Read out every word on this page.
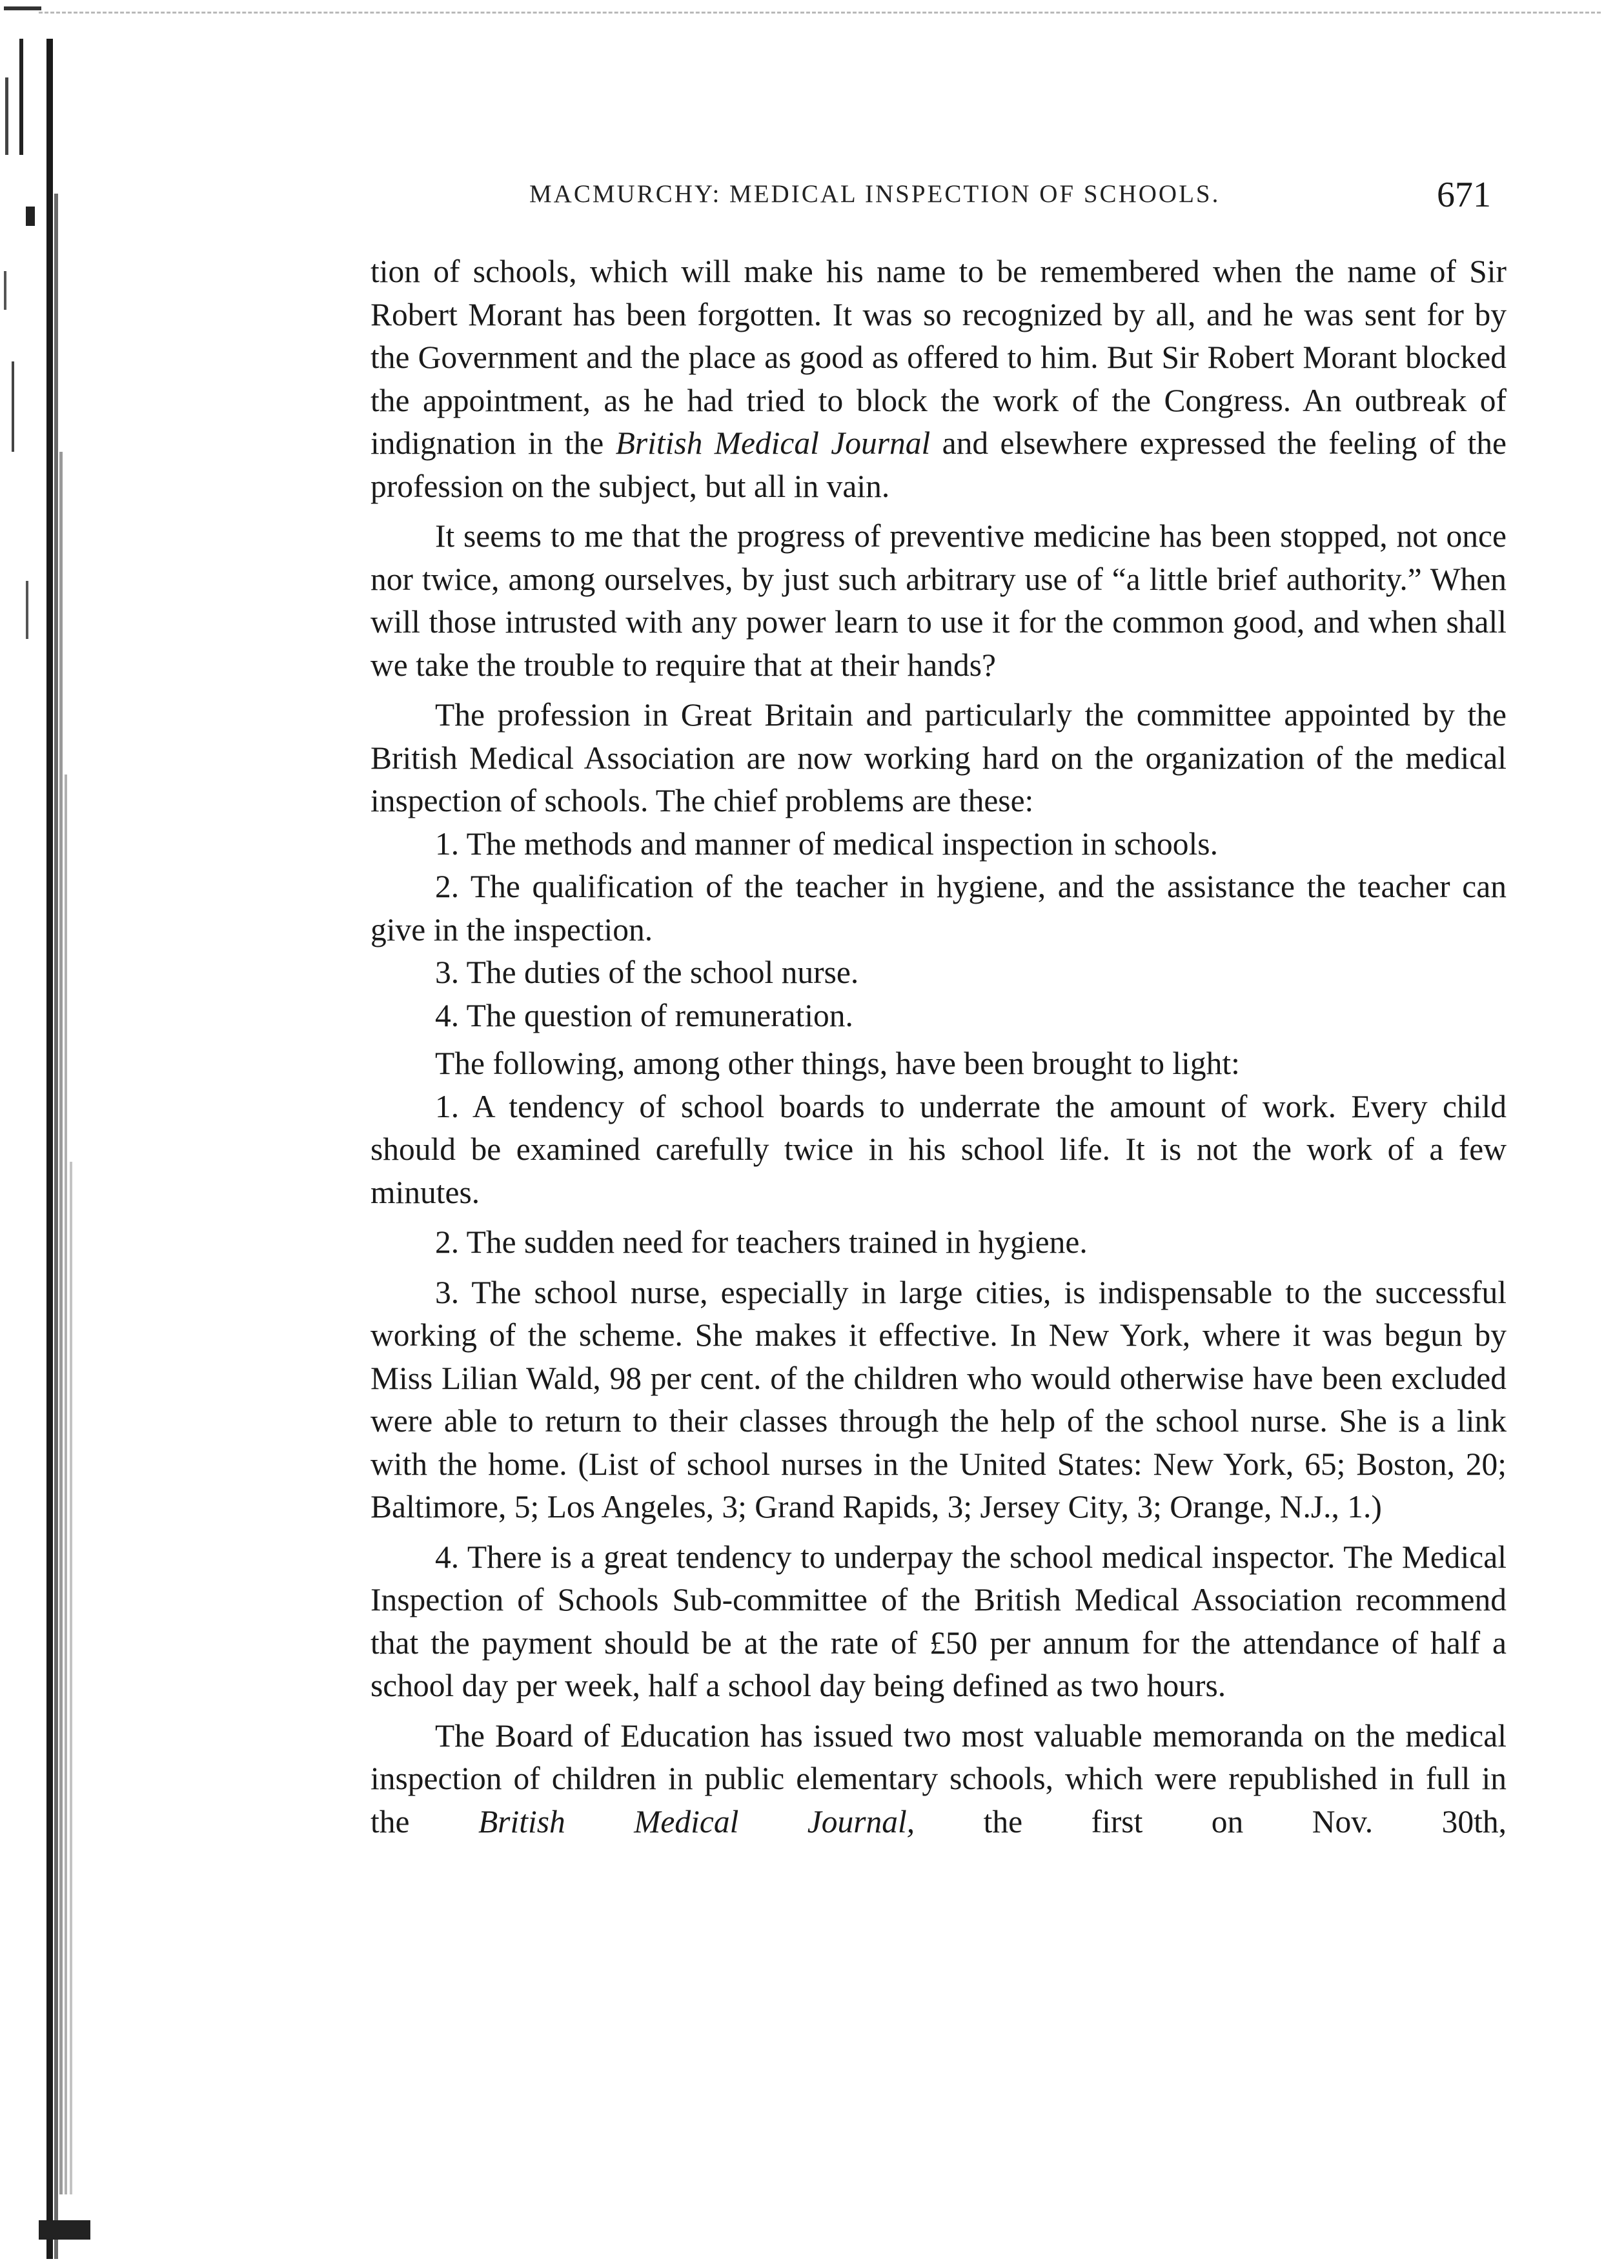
MACMURCHY: MEDICAL INSPECTION OF SCHOOLS.	671

tion of schools, which will make his name to be remembered when the name of Sir Robert Morant has been forgotten. It was so recognized by all, and he was sent for by the Government and the place as good as offered to him. But Sir Robert Morant blocked the appointment, as he had tried to block the work of the Congress. An outbreak of indignation in the British Medical Journal and elsewhere expressed the feeling of the profession on the subject, but all in vain.

It seems to me that the progress of preventive medicine has been stopped, not once nor twice, among ourselves, by just such arbitrary use of “a little brief authority.” When will those intrusted with any power learn to use it for the common good, and when shall we take the trouble to require that at their hands?

The profession in Great Britain and particularly the committee appointed by the British Medical Association are now working hard on the organization of the medical inspection of schools. The chief problems are these:

1. The methods and manner of medical inspection in schools.

2. The qualification of the teacher in hygiene, and the assistance the teacher can give in the inspection.

3. The duties of the school nurse.

4. The question of remuneration.

The following, among other things, have been brought to light:

1. A tendency of school boards to underrate the amount of work. Every child should be examined carefully twice in his school life. It is not the work of a few minutes.

2. The sudden need for teachers trained in hygiene.

3. The school nurse, especially in large cities, is indispensable to the successful working of the scheme. She makes it effective. In New York, where it was begun by Miss Lilian Wald, 98 per cent. of the children who would otherwise have been excluded were able to return to their classes through the help of the school nurse. She is a link with the home. (List of school nurses in the United States: New York, 65; Boston, 20; Baltimore, 5; Los Angeles, 3; Grand Rapids, 3; Jersey City, 3; Orange, N.J., 1.)

4. There is a great tendency to underpay the school medical inspector. The Medical Inspection of Schools Sub-committee of the British Medical Association recommend that the payment should be at the rate of £50 per annum for the attendance of half a school day per week, half a school day being defined as two hours.

The Board of Education has issued two most valuable memoranda on the medical inspection of children in public elementary schools, which were republished in full in the British Medical Journal, the first on Nov. 30th,
